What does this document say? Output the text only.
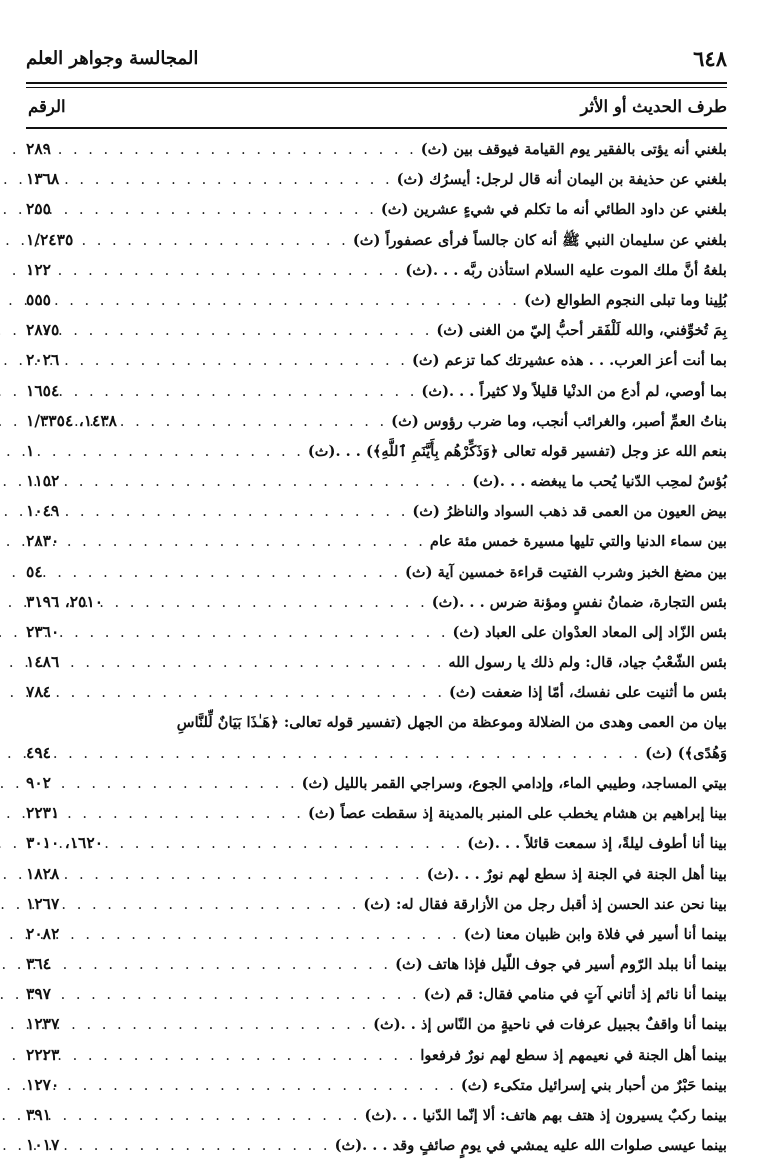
٦٤٨
المجالسة وجواهر العلم
طرف الحديث أو الأثر
الرقم
بلغني أنه يؤتى بالفقير يوم القيامة فيوقف بين (ث)
. . .
٢٨٩
بلغني عن حذيفة بن اليمان أنه قال لرجل: أيسرُك (ث)
. . .
١٣٦٨
بلغني عن داود الطائي أنه ما تكلم في شيءٍ عشرين (ث)
. . .
٢٥٥
بلغني عن سليمان النبي ﷺ أنه كان جالساً فرأى عصفوراً (ث)
. . .
١/٢٤٣٥
بلغهُ أنَّ ملك الموت عليه السلام استأذن ربَّه . . .(ث)
. . .
١٢٢
بُلِينا وما تبلى النجوم الطوالع (ث)
. . .
٥٥٥
بِمَ تُخوِّفني، والله لَلْفَقر أحبُّ إليّ من الغنى (ث)
. . .
٢٨٧٥
بما أنت أعز العرب. . . هذه عشيرتك كما تزعم (ث)
. . .
٢٠٢٦
بما أوصي، لم أدع من الدنْيا قليلاً ولا كثيراً . . .(ث)
. . .
١٦٥٤
بناتُ العمِّ أصبر، والغرائب أنجب، وما ضرب رؤوس (ث)
. . .
١٤٣٨، ١/٣٣٥٤
بنعم الله عز وجل (تفسير قوله تعالى ﴿وَذَكِّرْهُم بِأَيَّنَمِ ٱللَّهِ﴾) . . .(ث)
. . .
١
بُؤسٌ لمحِب الدّنيا يُحب ما يبغضه . . .(ث)
. . .
١١٥٢
بيض العيون من العمى قد ذهب السواد والناظرُ (ث)
. . .
١٠٤٩
بين سماء الدنيا والتي تليها مسيرة خمس مئة عام
. . .
٢٨٣٠
بين مضغ الخبز وشرب الفتيت قراءة خمسين آية (ث)
. . .
٥٤
بئس التجارة، ضمانُ نفسٍ ومؤنة ضرس . . .(ث)
. . .
٢٥١٠، ٣١٩٦
بئس الزّاد إلى المعاد العدْوان على العباد (ث)
. . .
٢٣٦٠
بئس الشّعْبُ جياد، قال: ولم ذلك يا رسول الله
. . .
١٤٨٦
بئس ما أثنيت على نفسك، أمّا إذا ضعفت (ث)
. . .
٧٨٤
بيان من العمى وهدى من الضلالة وموعظة من الجهل (تفسير قوله تعالى: ﴿هَـٰذَا بَيَانٌ لِّلنَّاسِ
وَهُدًى﴾) (ث)
. . .
٤٩٤
بيتي المساجد، وطيبي الماء، وإدامي الجوع، وسراجي القمر بالليل (ث)
. . .
٩٠٢
بينا إبراهيم بن هشام يخطب على المنبر بالمدينة إذ سقطت عصاً (ث)
. . .
٢٢٣١
بينا أنا أطوف ليلةً، إذ سمعت قائلاً . . .(ث)
. . .
١٦٢٠، ٣٠١٠
بينا أهل الجنة في الجنة إذ سطع لهم نورٌ . . .(ث)
. . .
١٨٢٨
بينا نحن عند الحسن إذ أقبل رجل من الأزارقة فقال له: (ث)
. . .
١٢٦٧
بينما أنا أسير في فلاة وابن ظبيان معنا (ث)
. . .
٢٠٨٢
بينما أنا ببلد الرّوم أسير في جوف اللّيل فإذا هاتف (ث)
. . .
٣٦٤
بينما أنا نائم إذ أتاني آتٍ في منامي فقال: قم (ث)
. . .
٣٩٧
بينما أنا واقفٌ بجبيل عرفات في ناحيةٍ من النّاس إذ . .(ث)
. . .
١٢٣٧
بينما أهل الجنة في نعيمهم إذ سطع لهم نورٌ فرفعوا
. . .
٢٢٢٣
بينما حَبْرٌ من أحبار بني إسرائيل متكىء (ث)
. . .
١٢٧٠
بينما ركبٌ يسيرون إذ هتف بهم هاتف: ألا إنّما الدّنيا . . .(ث)
. . .
٣٩١
بينما عيسى صلوات الله عليه يمشي في يومٍ صائفٍ وقد . . .(ث)
. . .
١٠١٧
